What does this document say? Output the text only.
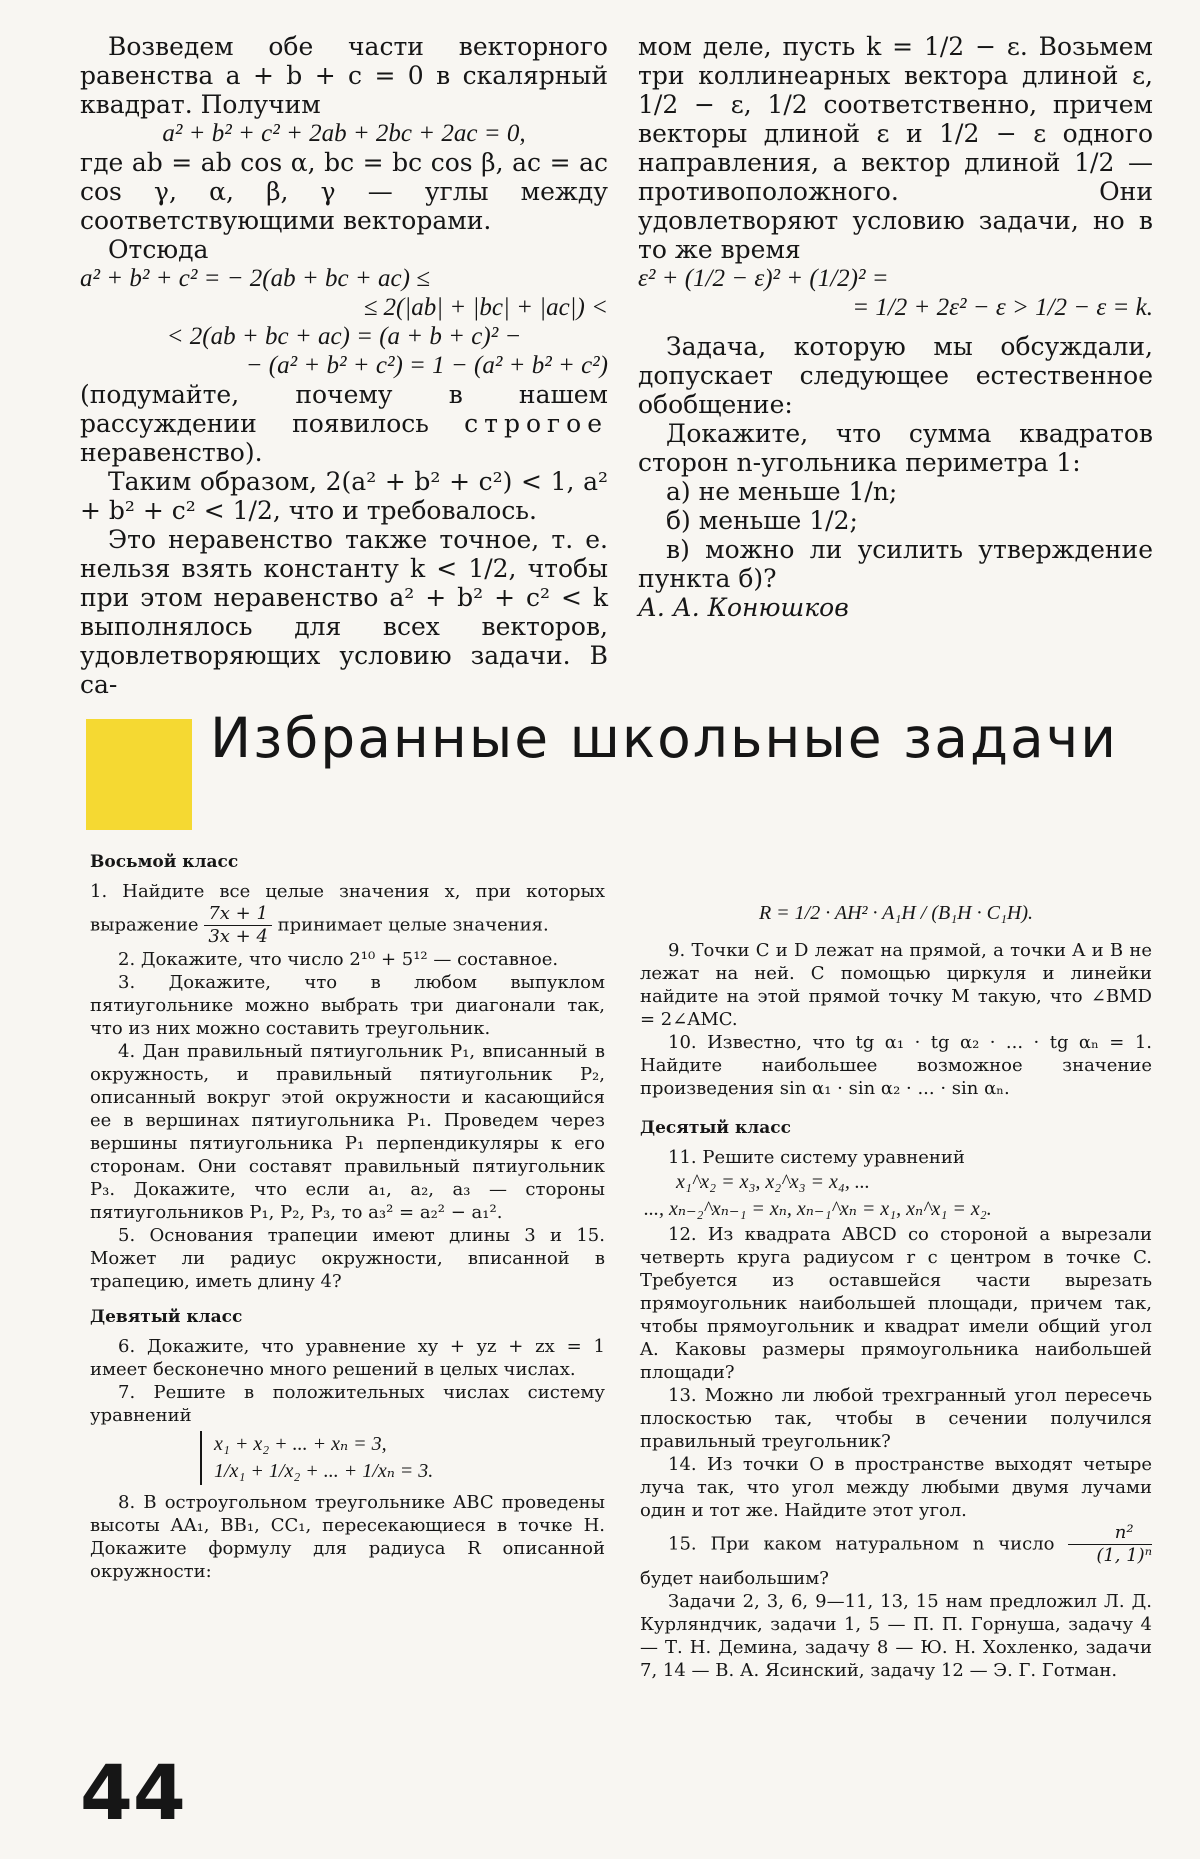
Возведем обе части векторного равенства a + b + c = 0 в скалярный квадрат. Получим

a² + b² + c² + 2ab + 2bc + 2ac = 0,

где ab = ab cos α, bc = bc cos β, ac = ac cos γ, α, β, γ — углы между соответствующими векторами.

Отсюда

a² + b² + c² = − 2(ab + bc + ac) ≤

≤ 2(|ab| + |bc| + |ac|) <

< 2(ab + bc + ac) = (a + b + c)² −

− (a² + b² + c²) = 1 − (a² + b² + c²)

(подумайте, почему в нашем рассуждении появилось строгое неравенство).

Таким образом, 2(a² + b² + c²) < 1, a² + b² + c² < 1/2, что и требовалось.

Это неравенство также точное, т. е. нельзя взять константу k < 1/2, чтобы при этом неравенство a² + b² + c² < k выполнялось для всех векторов, удовлетворяющих условию задачи. В са-

мом деле, пусть k = 1/2 − ε. Возьмем три коллинеарных вектора длиной ε, 1/2 − ε, 1/2 соответственно, причем векторы длиной ε и 1/2 − ε одного направления, а вектор длиной 1/2 — противоположного. Они удовлетворяют условию задачи, но в то же время

ε² + (1/2 − ε)² + (1/2)² =

= 1/2 + 2ε² − ε > 1/2 − ε = k.

Задача, которую мы обсуждали, допускает следующее естественное обобщение:

Докажите, что сумма квадратов сторон n-угольника периметра 1:

а) не меньше 1/n;

б) меньше 1/2;

в) можно ли усилить утверждение пункта б)?

А. А. Конюшков
Избранные школьные задачи
Восьмой класс

1. Найдите все целые значения x, при которых выражение $\frac{7x + 1}{3x + 4}$ принимает целые значения.

2. Докажите, что число 2¹⁰ + 5¹² — составное.

3. Докажите, что в любом выпуклом пятиугольнике можно выбрать три диагонали так, что из них можно составить треугольник.

4. Дан правильный пятиугольник P₁, вписанный в окружность, и правильный пятиугольник P₂, описанный вокруг этой окружности и касающийся ее в вершинах пятиугольника P₁. Проведем через вершины пятиугольника P₁ перпендикуляры к его сторонам. Они составят правильный пятиугольник P₃. Докажите, что если a₁, a₂, a₃ — стороны пятиугольников P₁, P₂, P₃, то a₃² = a₂² − a₁².

5. Основания трапеции имеют длины 3 и 15. Может ли радиус окружности, вписанной в трапецию, иметь длину 4?

Девятый класс

6. Докажите, что уравнение xy + yz + zx = 1 имеет бесконечно много решений в целых числах.

7. Решите в положительных числах систему уравнений

x₁ + x₂ + ... + xₙ = 3,
1/x₁ + 1/x₂ + ... + 1/xₙ = 3.

8. В остроугольном треугольнике ABC проведены высоты AA₁, BB₁, CC₁, пересекающиеся в точке H. Докажите формулу для радиуса R описанной окружности:

R = 1/2 · AH² · A₁H / (B₁H · C₁H).

9. Точки C и D лежат на прямой, а точки A и B не лежат на ней. С помощью циркуля и линейки найдите на этой прямой точку M такую, что ∠BMD = 2∠AMC.

10. Известно, что tg α₁ · tg α₂ · ... · tg αₙ = 1. Найдите наибольшее возможное значение произведения sin α₁ · sin α₂ · ... · sin αₙ.

Десятый класс

11. Решите систему уравнений

x₁^x₂ = x₃, x₂^x₃ = x₄, ...
..., xₙ₋₂^xₙ₋₁ = xₙ, xₙ₋₁^xₙ = x₁, xₙ^x₁ = x₂.

12. Из квадрата ABCD со стороной a вырезали четверть круга радиусом r с центром в точке C. Требуется из оставшейся части вырезать прямоугольник наибольшей площади, причем так, чтобы прямоугольник и квадрат имели общий угол A. Каковы размеры прямоугольника наибольшей площади?

13. Можно ли любой трехгранный угол пересечь плоскостью так, чтобы в сечении получился правильный треугольник?

14. Из точки O в пространстве выходят четыре луча так, что угол между любыми двумя лучами один и тот же. Найдите этот угол.

15. При каком натуральном n число $\frac{\text{n²}}{\text{(1, 1)ⁿ}}$
будет наибольшим?

Задачи 2, 3, 6, 9—11, 13, 15 нам предложил Л. Д. Курляндчик, задачи 1, 5 — П. П. Горнуша, задачу 4 — Т. Н. Демина, задачу 8 — Ю. Н. Хохленко, задачи 7, 14 — В. А. Ясинский, задачу 12 — Э. Г. Готман.

44
